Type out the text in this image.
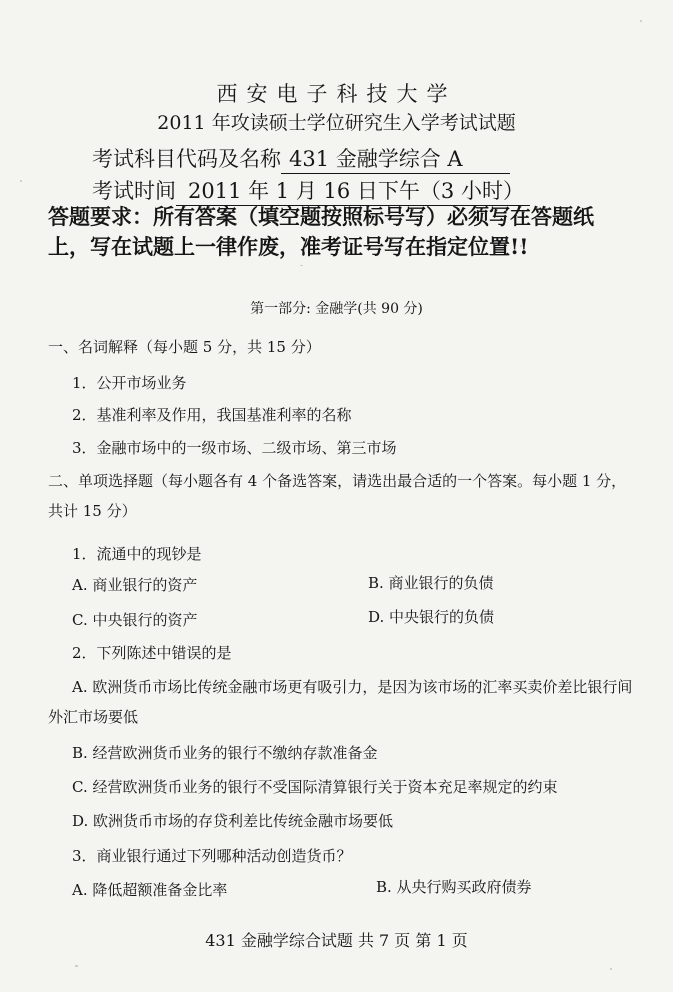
西安电子科技大学
2011 年攻读硕士学位研究生入学考试试题
考试科目代码及名称 431 金融学综合 A
考试时间 2011 年 1 月 16 日下午（3 小时）
答题要求：所有答案（填空题按照标号写）必须写在答题纸上，写在试题上一律作废，准考证号写在指定位置!!
第一部分: 金融学(共 90 分)
一、名词解释（每小题 5 分，共 15 分）
1．公开市场业务
2．基准利率及作用，我国基准利率的名称
3．金融市场中的一级市场、二级市场、第三市场
二、单项选择题（每小题各有 4 个备选答案，请选出最合适的一个答案。每小题 1 分，共计 15 分）
1．流通中的现钞是
A. 商业银行的资产	B. 商业银行的负债
C. 中央银行的资产	D. 中央银行的负债
2．下列陈述中错误的是
A. 欧洲货币市场比传统金融市场更有吸引力，是因为该市场的汇率买卖价差比银行间外汇市场要低
B. 经营欧洲货币业务的银行不缴纳存款准备金
C. 经营欧洲货币业务的银行不受国际清算银行关于资本充足率规定的约束
D. 欧洲货币市场的存贷利差比传统金融市场要低
3．商业银行通过下列哪种活动创造货币？
A. 降低超额准备金比率	B. 从央行购买政府债券
431 金融学综合试题 共 7 页 第 1 页
